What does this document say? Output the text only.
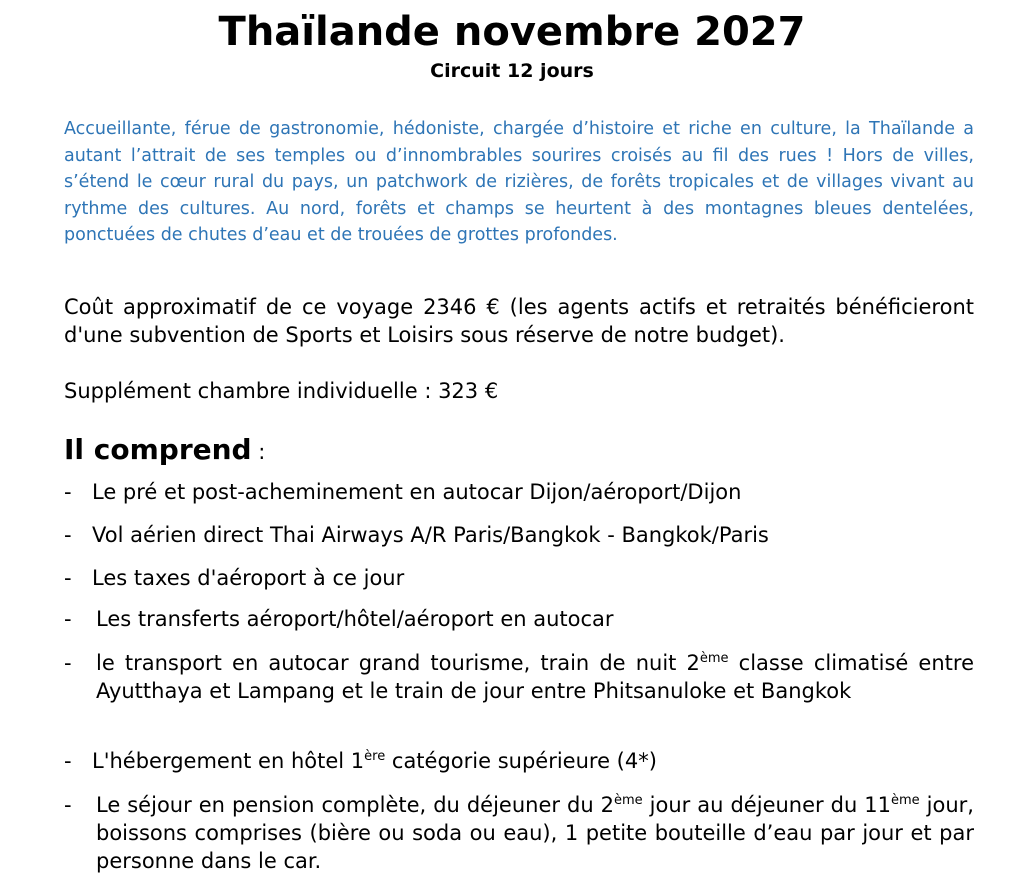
Thaïlande novembre 2027
Circuit 12 jours

Accueillante, férue de gastronomie, hédoniste, chargée d’histoire et riche en culture, la Thaïlande a autant l’attrait de ses temples ou d’innombrables sourires croisés au fil des rues ! Hors de villes, s’étend le cœur rural du pays, un patchwork de rizières, de forêts tropicales et de villages vivant au rythme des cultures. Au nord, forêts et champs se heurtent à des montagnes bleues dentelées, ponctuées de chutes d’eau et de trouées de grottes profondes.

Coût approximatif de ce voyage 2346 € (les agents actifs et retraités bénéficieront d'une subvention de Sports et Loisirs sous réserve de notre budget).

Supplément chambre individuelle : 323 €

Il comprend :

- Le pré et post-acheminement en autocar Dijon/aéroport/Dijon
- Vol aérien direct Thai Airways A/R Paris/Bangkok - Bangkok/Paris
- Les taxes d'aéroport à ce jour
- Les transferts aéroport/hôtel/aéroport en autocar
- le transport en autocar grand tourisme, train de nuit 2ème classe climatisé entre Ayutthaya et Lampang et le train de jour entre Phitsanuloke et Bangkok
- L'hébergement en hôtel 1ère catégorie supérieure (4*)
- Le séjour en pension complète, du déjeuner du 2ème jour au déjeuner du 11ème jour, boissons comprises (bière ou soda ou eau), 1 petite bouteille d’eau par jour et par personne dans le car.
